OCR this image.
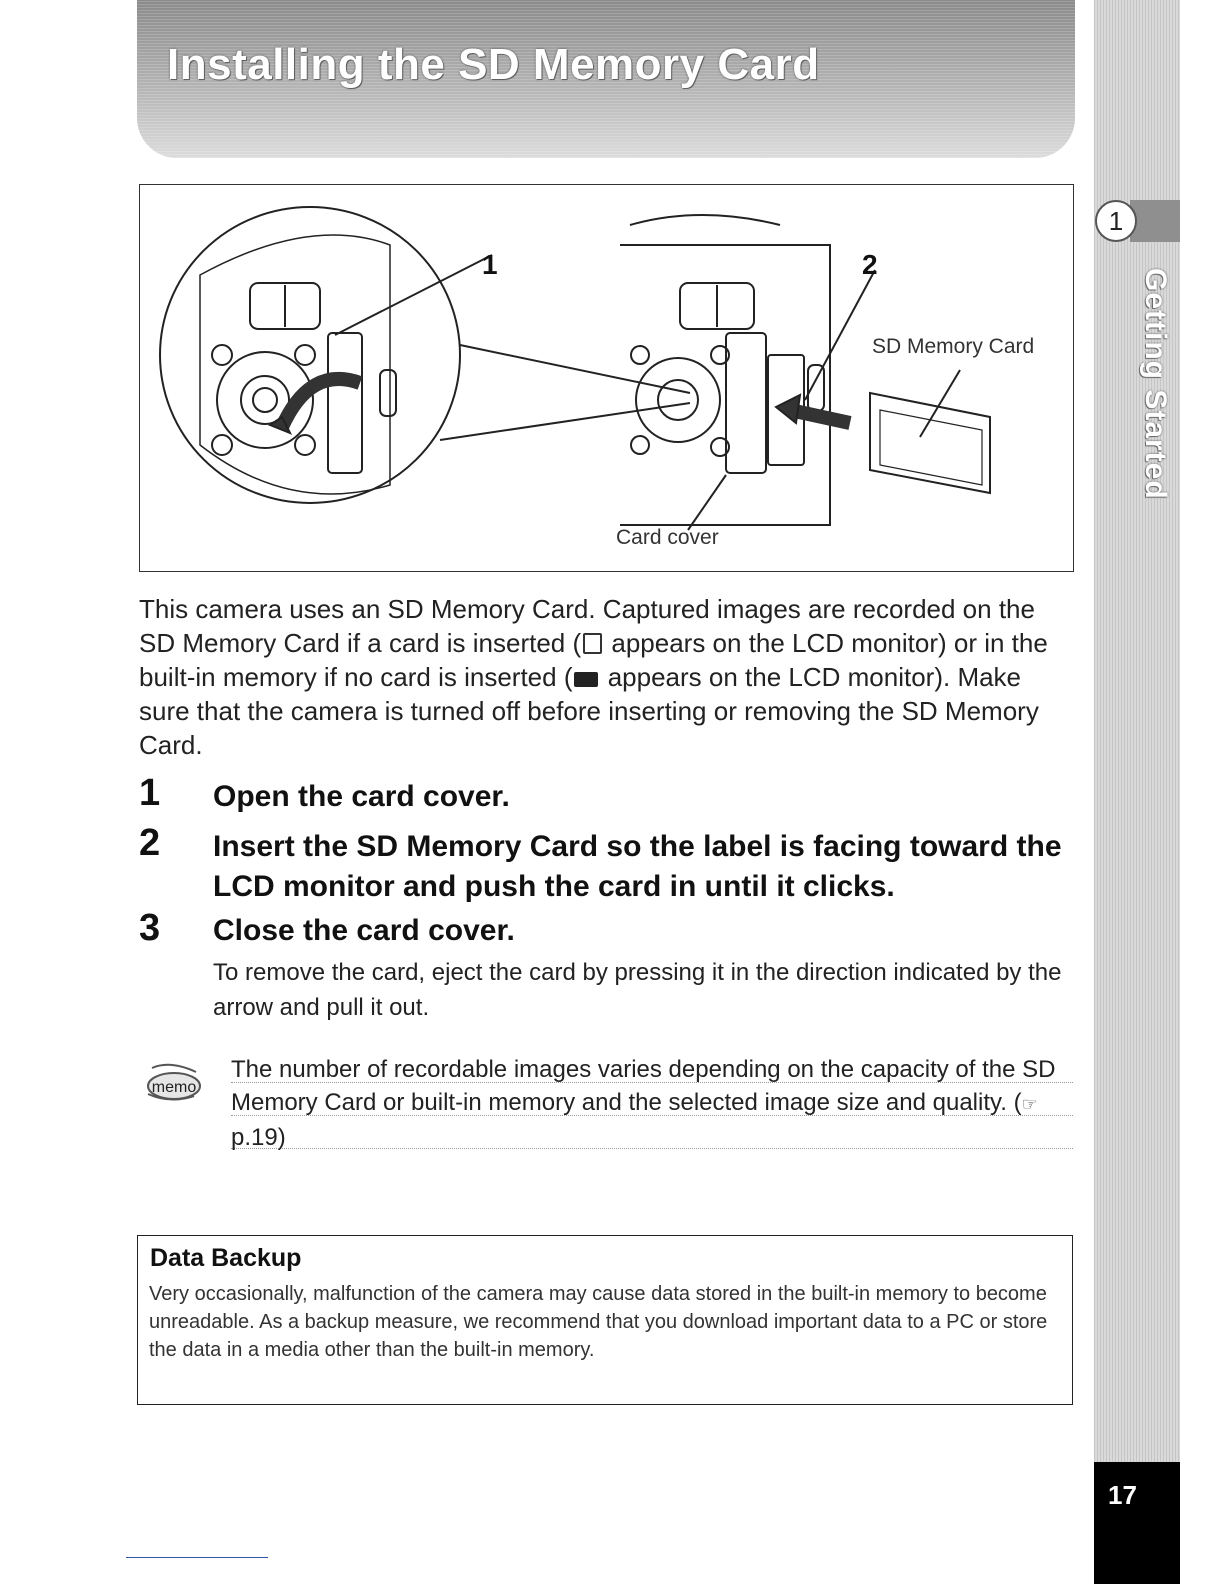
Installing the SD Memory Card
1
Getting Started
17
1	2
SD Memory Card
Card cover
This camera uses an SD Memory Card. Captured images are recorded on the SD Memory Card if a card is inserted ( appears on the LCD monitor) or in the built-in memory if no card is inserted ( appears on the LCD monitor). Make sure that the camera is turned off before inserting or removing the SD Memory Card.
1 Open the card cover.
2 Insert the SD Memory Card so the label is facing toward the LCD monitor and push the card in until it clicks.
3 Close the card cover.
To remove the card, eject the card by pressing it in the direction indicated by the arrow and pull it out.
memo
The number of recordable images varies depending on the capacity of the SD Memory Card or built-in memory and the selected image size and quality. (☞p.19)
Data Backup
Very occasionally, malfunction of the camera may cause data stored in the built-in memory to become unreadable. As a backup measure, we recommend that you download important data to a PC or store the data in a media other than the built-in memory.
